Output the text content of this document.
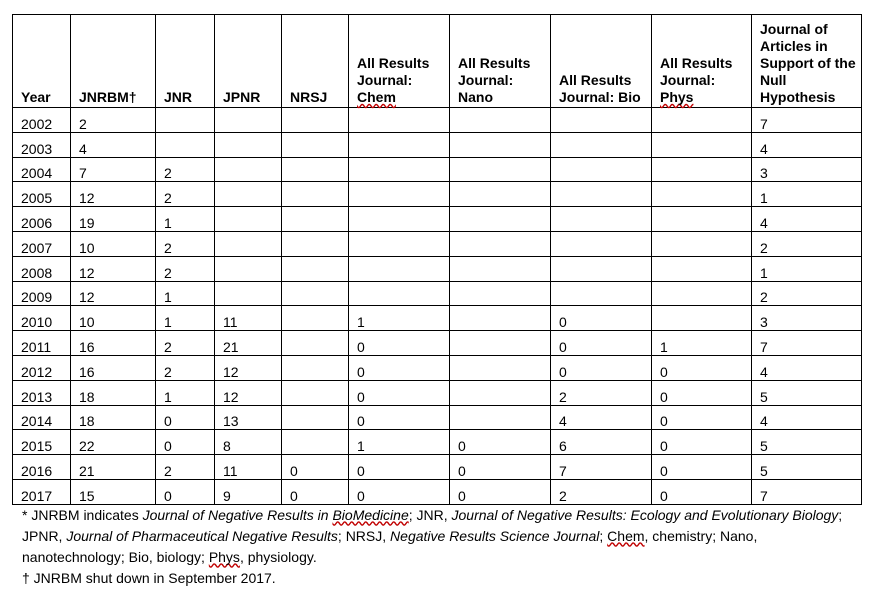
Year	JNRBM†	JNR	JPNR	NRSJ	All Results Journal: Chem	All Results Journal: Nano	All Results Journal: Bio	All Results Journal: Phys	Journal of Articles in Support of the Null Hypothesis
2002	2								7
2003	4								4
2004	7	2							3
2005	12	2							1
2006	19	1							4
2007	10	2							2
2008	12	2							1
2009	12	1							2
2010	10	1	11		1		0		3
2011	16	2	21		0		0	1	7
2012	16	2	12		0		0	0	4
2013	18	1	12		0		2	0	5
2014	18	0	13		0		4	0	4
2015	22	0	8		1	0	6	0	5
2016	21	2	11	0	0	0	7	0	5
2017	15	0	9	0	0	0	2	0	7

* JNRBM indicates Journal of Negative Results in BioMedicine; JNR, Journal of Negative Results: Ecology and Evolutionary Biology; JPNR, Journal of Pharmaceutical Negative Results; NRSJ, Negative Results Science Journal; Chem, chemistry; Nano, nanotechnology; Bio, biology; Phys, physiology.

† JNRBM shut down in September 2017.
